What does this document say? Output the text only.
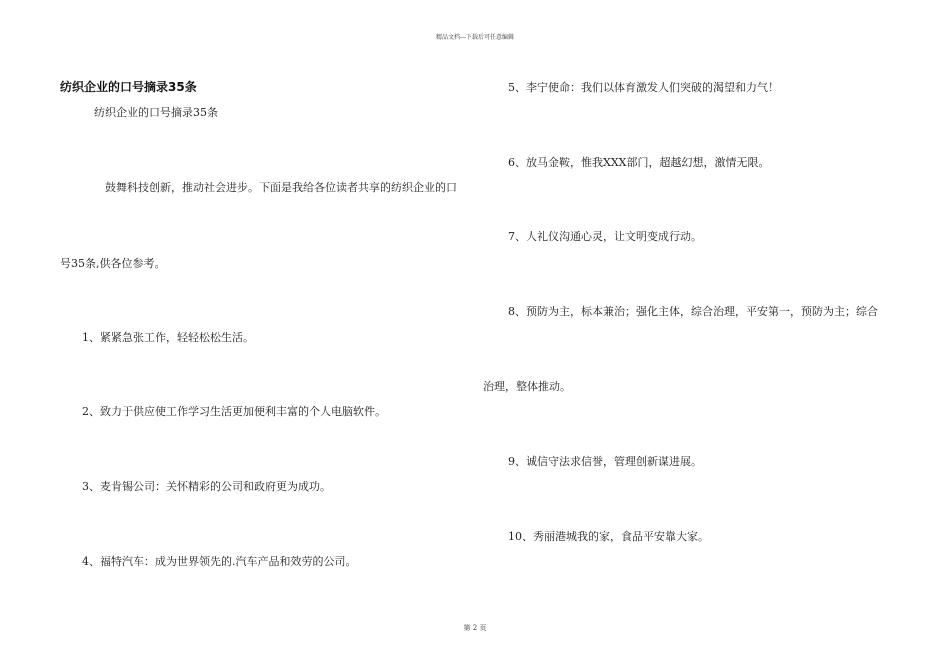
精品文档---下载后可任意编辑
纺织企业的口号摘录35条
纺织企业的口号摘录35条
鼓舞科技创新，推动社会进步。下面是我给各位读者共享的纺织企业的口
号35条,供各位参考。
1、紧紧急张工作，轻轻松松生活。
2、致力于供应使工作学习生活更加便利丰富的个人电脑软件。
3、麦肯锡公司：关怀精彩的公司和政府更为成功。
4、福特汽车：成为世界领先的.汽车产品和效劳的公司。
5、李宁使命：我们以体育激发人们突破的渴望和力气！
6、放马金鞍，惟我XXX部门，超越幻想，激情无限。
7、人礼仪沟通心灵，让文明变成行动。
8、预防为主，标本兼治；强化主体，综合治理，平安第一，预防为主；综合
治理，整体推动。
9、诚信守法求信誉，管理创新谋进展。
10、秀丽港城我的家，食品平安靠大家。
第 2 页
